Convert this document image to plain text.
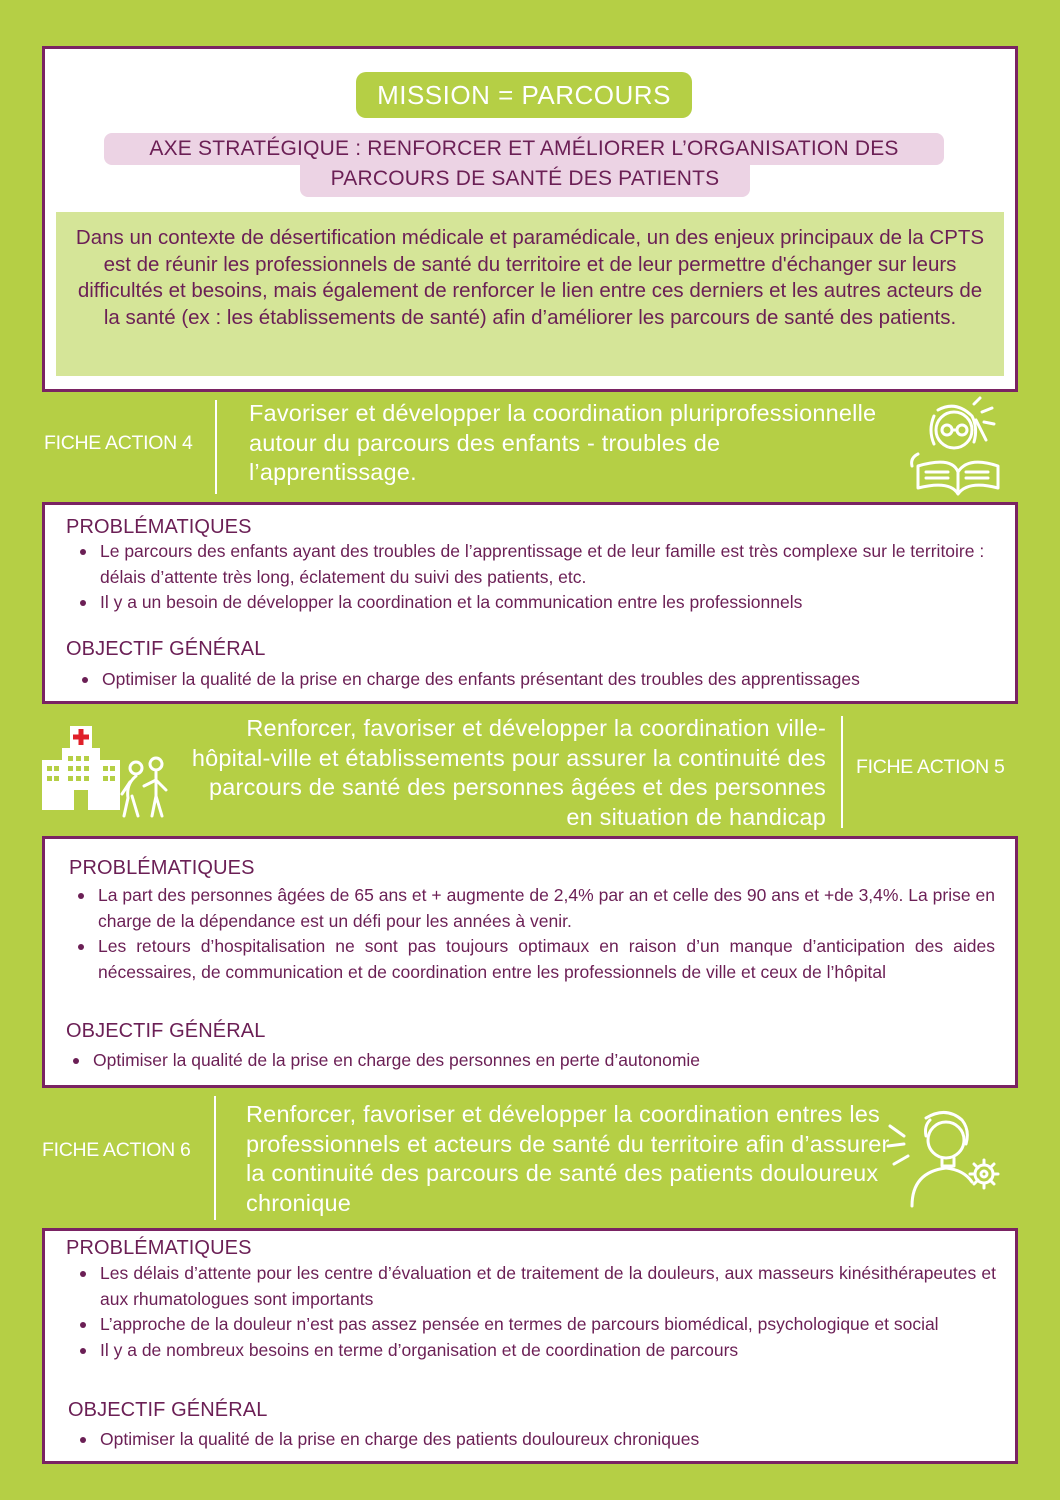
MISSION = PARCOURS
AXE STRATÉGIQUE : RENFORCER ET AMÉLIORER L’ORGANISATION DES
PARCOURS DE SANTÉ DES PATIENTS
Dans un contexte de désertification médicale et paramédicale, un des enjeux principaux de la CPTS est de réunir les professionnels de santé du territoire et de leur permettre d'échanger sur leurs difficultés et besoins, mais également de renforcer le lien entre ces derniers et les autres acteurs de la santé (ex : les établissements de santé) afin d’améliorer les parcours de santé des patients.
FICHE ACTION 4
Favoriser et développer la coordination pluriprofessionnelle autour du parcours des enfants - troubles de l’apprentissage.
PROBLÉMATIQUES
Le parcours des enfants ayant des troubles de l’apprentissage et de leur famille est très complexe sur le territoire : délais d’attente très long, éclatement du suivi des patients, etc.
Il y a un besoin de développer la coordination et la communication entre les professionnels
OBJECTIF GÉNÉRAL
Optimiser la qualité de la prise en charge des enfants présentant des troubles des apprentissages
Renforcer, favoriser et développer la coordination ville-hôpital-ville et établissements pour assurer la continuité des parcours de santé des personnes âgées et des personnes en situation de handicap
FICHE ACTION 5
PROBLÉMATIQUES
La part des personnes âgées de 65 ans et + augmente de 2,4% par an et celle des 90 ans et +de 3,4%. La prise en charge de la dépendance est un défi pour les années à venir.
Les retours d’hospitalisation ne sont pas toujours optimaux en raison d’un manque d’anticipation des aides nécessaires, de communication et de coordination entre les professionnels de ville et ceux de l’hôpital
OBJECTIF GÉNÉRAL
Optimiser la qualité de la prise en charge des personnes en perte d’autonomie
FICHE ACTION 6
Renforcer, favoriser et développer la coordination entres les professionnels et acteurs de santé du territoire afin d’assurer la continuité des parcours de santé des patients douloureux chronique
PROBLÉMATIQUES
Les délais d’attente pour les centre d’évaluation et de traitement de la douleurs, aux masseurs kinésithérapeutes et aux rhumatologues sont importants
L’approche de la douleur n’est pas assez pensée en termes de parcours biomédical, psychologique et social
Il y a de nombreux besoins en terme d’organisation et de coordination de parcours
OBJECTIF GÉNÉRAL
Optimiser la qualité de la prise en charge des patients douloureux chroniques
